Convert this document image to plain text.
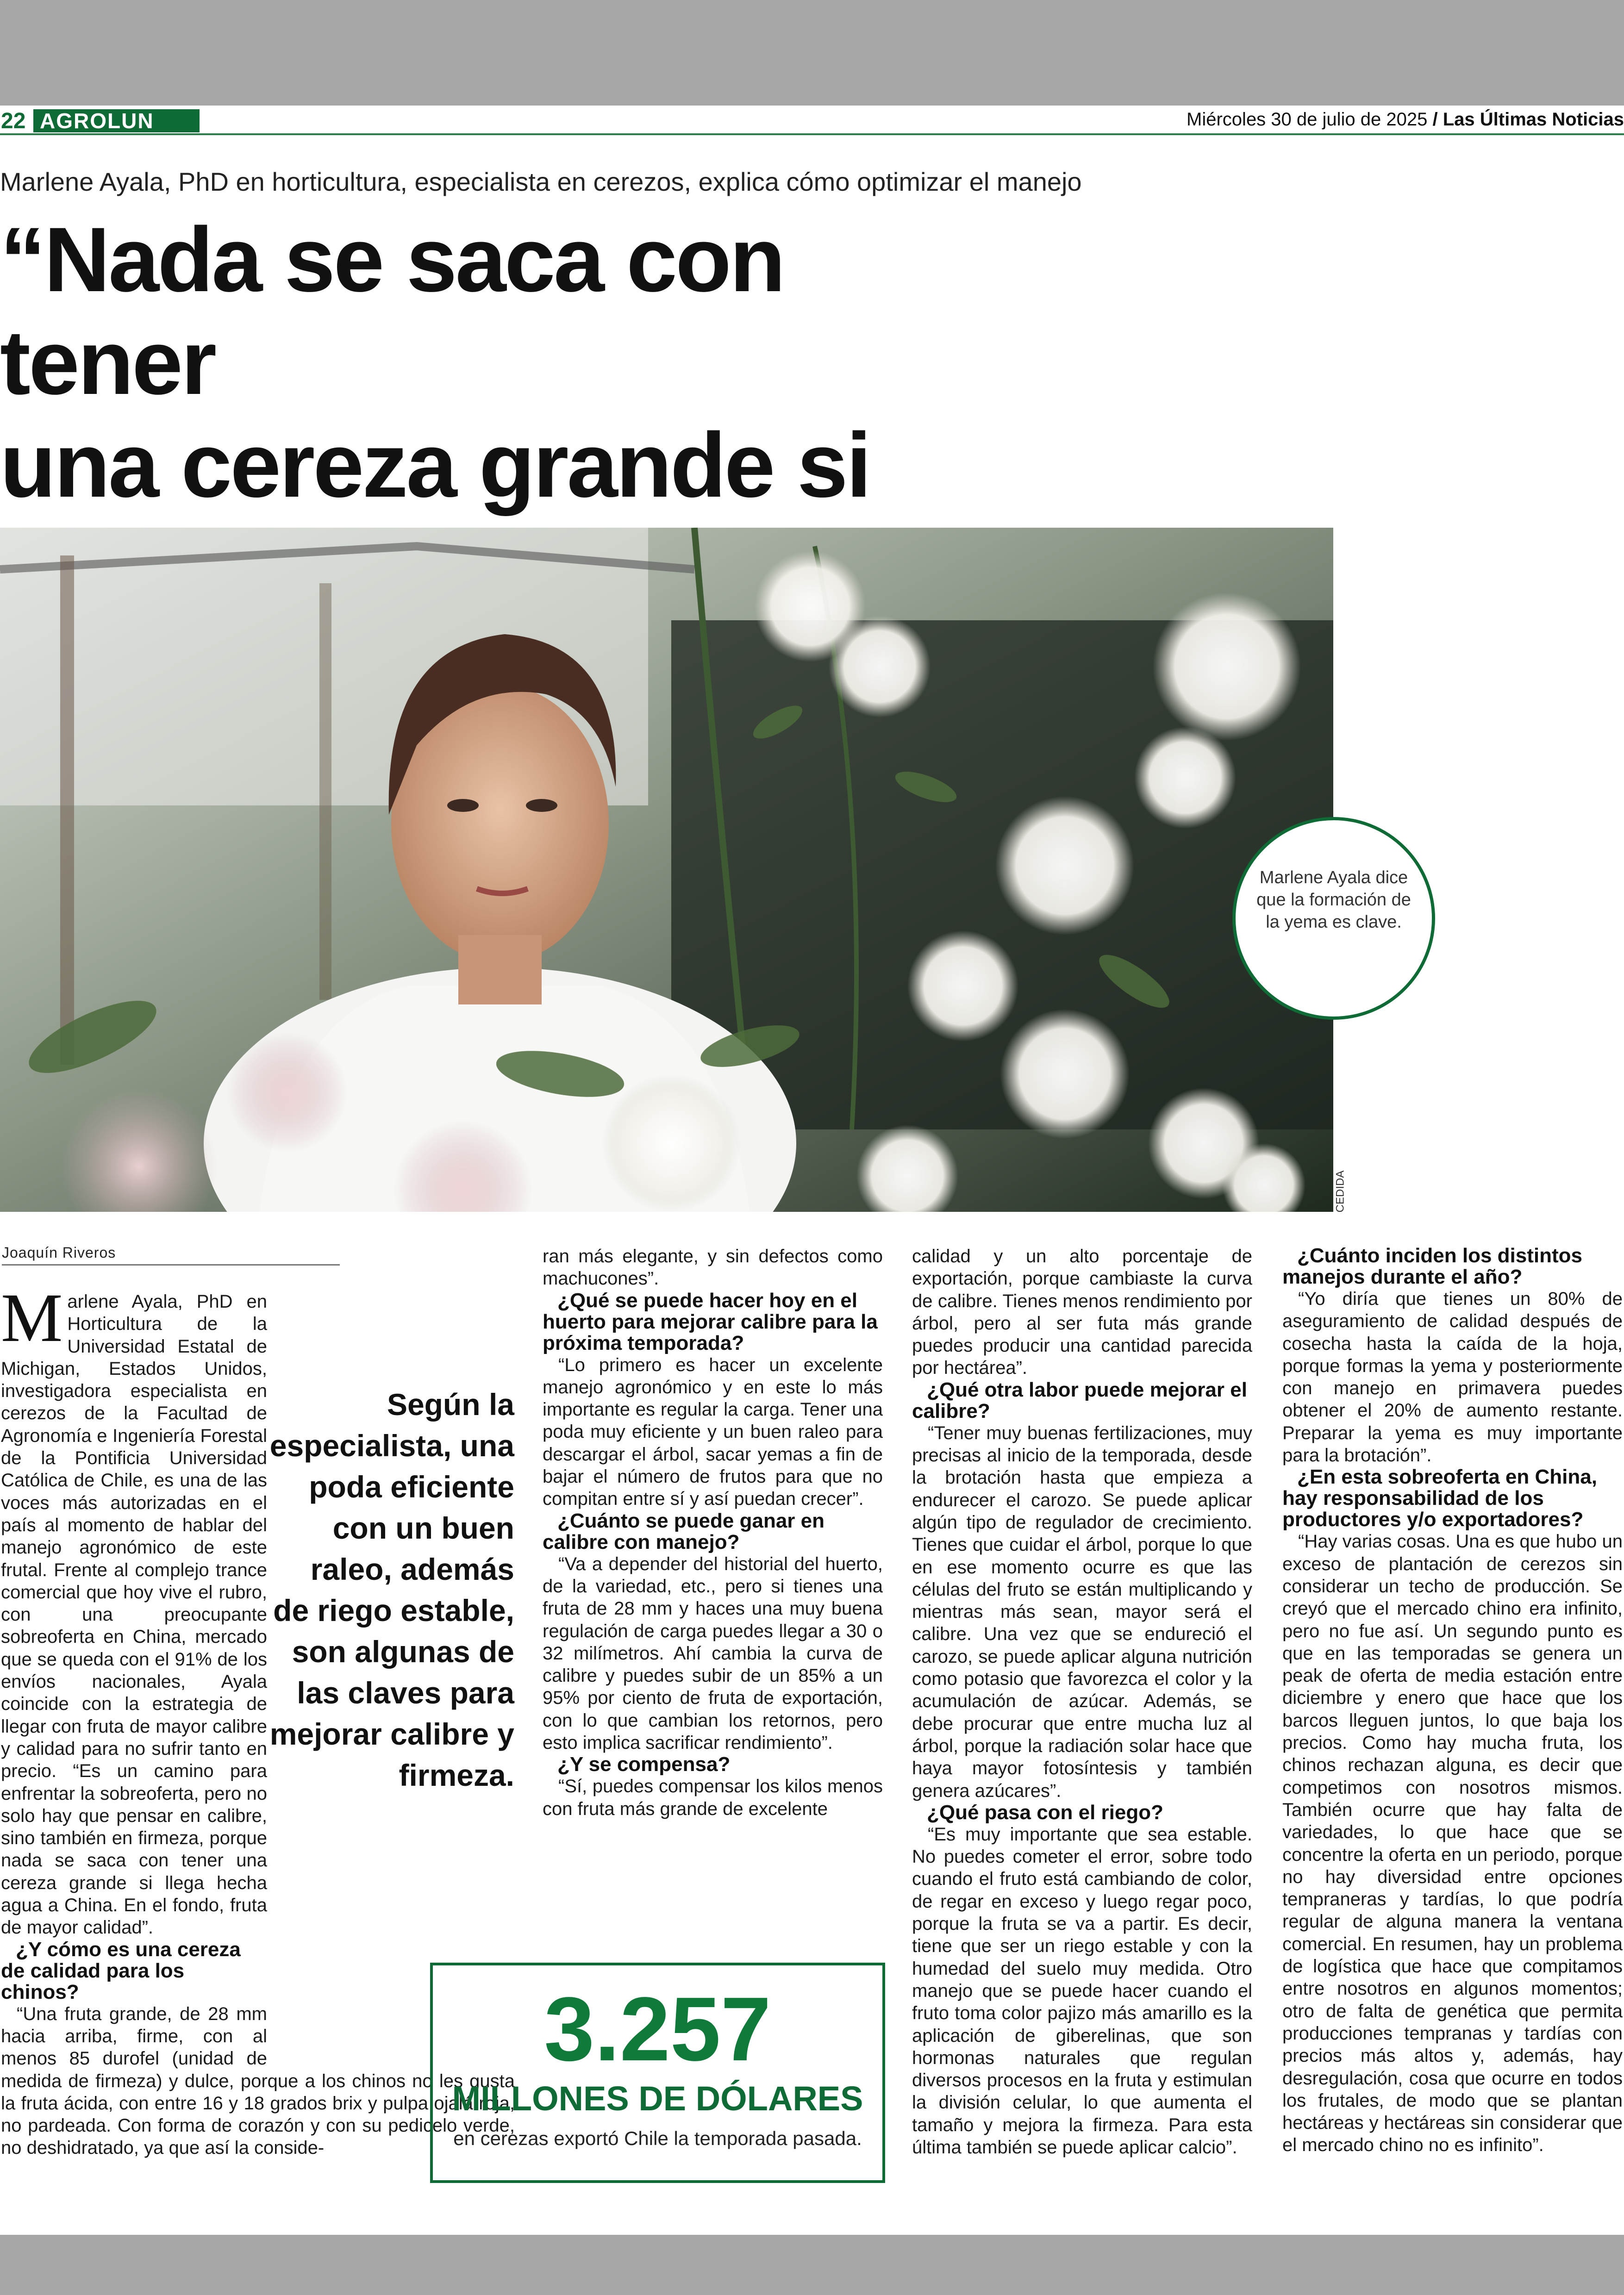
22 AGROLUN	Miércoles 30 de julio de 2025 / Las Últimas Noticias
Marlene Ayala, PhD en horticultura, especialista en cerezos, explica cómo optimizar el manejo
“Nada se saca con tener
una cereza grande si
CEDIDA

Marlene Ayala dice que la formación de la yema es clave.

Joaquín Riveros
M arlene Ayala, PhD en Horticultura de la Universidad Estatal de Michigan, Estados Unidos, investigadora especialista en cerezos de la Facultad de Agronomía e Ingeniería Forestal de la Pontificia Universidad Católica de Chile, es una de las voces más autorizadas en el país al momento de hablar del manejo agronómico de este frutal. Frente al complejo trance comercial que hoy vive el rubro, con una preocupante sobreoferta en China, mercado que se queda con el 91% de los envíos nacionales, Ayala coincide con la estrategia de llegar con fruta de mayor calibre y calidad para no sufrir tanto en precio. “Es un camino para enfrentar la sobreoferta, pero no solo hay que pensar en calibre, sino también en firmeza, porque nada se saca con tener una cereza grande si llega hecha agua a China. En el fondo, fruta de mayor calidad”.

¿Y cómo es una cereza de calidad para los chinos?

“Una fruta grande, de 28 mm hacia arriba, firme, con al menos 85 durofel (unidad de medida de firmeza) y dulce, porque a los chinos no les gusta la fruta ácida, con entre 16 y 18 grados brix y pulpa ojalá roja, no pardeada. Con forma de corazón y con su pedicelo verde, no deshidratado, ya que así la conside-

Según la especialista, una poda eficiente con un buen raleo, además de riego estable, son algunas de las claves para mejorar calibre y firmeza.

ran más elegante, y sin defectos como machucones”.

¿Qué se puede hacer hoy en el huerto para mejorar calibre para la próxima temporada?

“Lo primero es hacer un excelente manejo agronómico y en este lo más importante es regular la carga. Tener una poda muy eficiente y un buen raleo para descargar el árbol, sacar yemas a fin de bajar el número de frutos para que no compitan entre sí y así puedan crecer”.

¿Cuánto se puede ganar en calibre con manejo?

“Va a depender del historial del huerto, de la variedad, etc., pero si tienes una fruta de 28 mm y haces una muy buena regulación de carga puedes llegar a 30 o 32 milímetros. Ahí cambia la curva de calibre y puedes subir de un 85% a un 95% por ciento de fruta de exportación, con lo que cambian los retornos, pero esto implica sacrificar rendimiento”.

¿Y se compensa?

“Sí, puedes compensar los kilos menos con fruta más grande de excelente

calidad y un alto porcentaje de exportación, porque cambiaste la curva de calibre. Tienes menos rendimiento por árbol, pero al ser futa más grande puedes producir una cantidad parecida por hectárea”.

¿Qué otra labor puede mejorar el calibre?

“Tener muy buenas fertilizaciones, muy precisas al inicio de la temporada, desde la brotación hasta que empieza a endurecer el carozo. Se puede aplicar algún tipo de regulador de crecimiento. Tienes que cuidar el árbol, porque lo que en ese momento ocurre es que las células del fruto se están multiplicando y mientras más sean, mayor será el calibre. Una vez que se endureció el carozo, se puede aplicar alguna nutrición como potasio que favorezca el color y la acumulación de azúcar. Además, se debe procurar que entre mucha luz al árbol, porque la radiación solar hace que haya mayor fotosíntesis y también genera azúcares”.

¿Qué pasa con el riego?

“Es muy importante que sea estable. No puedes cometer el error, sobre todo cuando el fruto está cambiando de color, de regar en exceso y luego regar poco, porque la fruta se va a partir. Es decir, tiene que ser un riego estable y con la humedad del suelo muy medida. Otro manejo que se puede hacer cuando el fruto toma color pajizo más amarillo es la aplicación de giberelinas, que son hormonas naturales que regulan diversos procesos en la fruta y estimulan la división celular, lo que aumenta el tamaño y mejora la firmeza. Para esta última también se puede aplicar calcio”.

¿Cuánto inciden los distintos manejos durante el año?

“Yo diría que tienes un 80% de aseguramiento de calidad después de cosecha hasta la caída de la hoja, porque formas la yema y posteriormente con manejo en primavera puedes obtener el 20% de aumento restante. Preparar la yema es muy importante para la brotación”.

¿En esta sobreoferta en China, hay responsabilidad de los productores y/o exportadores?

“Hay varias cosas. Una es que hubo un exceso de plantación de cerezos sin considerar un techo de producción. Se creyó que el mercado chino era infinito, pero no fue así. Un segundo punto es que en las temporadas se genera un peak de oferta de media estación entre diciembre y enero que hace que los barcos lleguen juntos, lo que baja los precios. Como hay mucha fruta, los chinos rechazan alguna, es decir que competimos con nosotros mismos. También ocurre que hay falta de variedades, lo que hace que se concentre la oferta en un periodo, porque no hay diversidad entre opciones tempraneras y tardías, lo que podría regular de alguna manera la ventana comercial. En resumen, hay un problema de logística que hace que compitamos entre nosotros en algunos momentos; otro de falta de genética que permita producciones tempranas y tardías con precios más altos y, además, hay desregulación, cosa que ocurre en todos los frutales, de modo que se plantan hectáreas y hectáreas sin considerar que el mercado chino no es infinito”.

3.257
MILLONES DE DÓLARES
en cerezas exportó Chile la temporada pasada.
